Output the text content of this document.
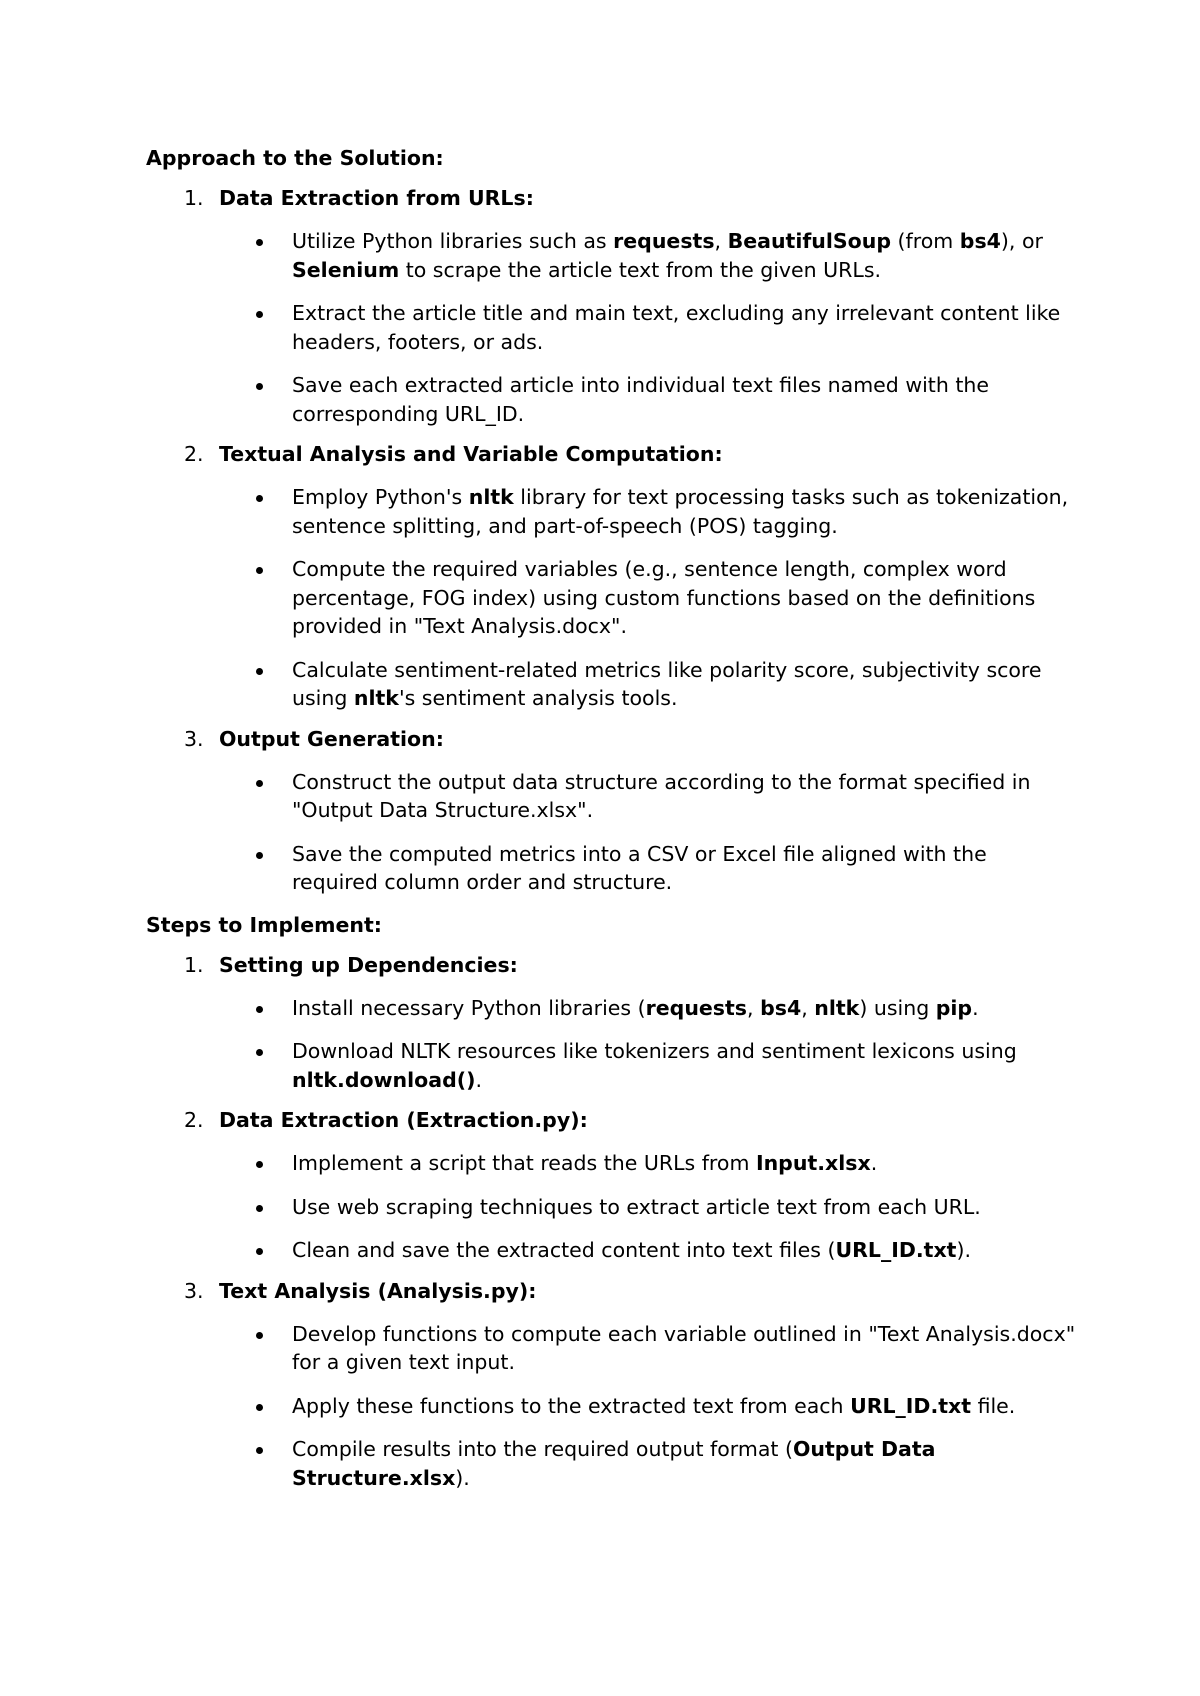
Approach to the Solution:
1. Data Extraction from URLs:
Utilize Python libraries such as requests, BeautifulSoup (from bs4), or Selenium to scrape the article text from the given URLs.
Extract the article title and main text, excluding any irrelevant content like headers, footers, or ads.
Save each extracted article into individual text files named with the corresponding URL_ID.
2. Textual Analysis and Variable Computation:
Employ Python's nltk library for text processing tasks such as tokenization, sentence splitting, and part-of-speech (POS) tagging.
Compute the required variables (e.g., sentence length, complex word percentage, FOG index) using custom functions based on the definitions provided in "Text Analysis.docx".
Calculate sentiment-related metrics like polarity score, subjectivity score using nltk's sentiment analysis tools.
3. Output Generation:
Construct the output data structure according to the format specified in "Output Data Structure.xlsx".
Save the computed metrics into a CSV or Excel file aligned with the required column order and structure.
Steps to Implement:
1. Setting up Dependencies:
Install necessary Python libraries (requests, bs4, nltk) using pip.
Download NLTK resources like tokenizers and sentiment lexicons using nltk.download().
2. Data Extraction (Extraction.py):
Implement a script that reads the URLs from Input.xlsx.
Use web scraping techniques to extract article text from each URL.
Clean and save the extracted content into text files (URL_ID.txt).
3. Text Analysis (Analysis.py):
Develop functions to compute each variable outlined in "Text Analysis.docx" for a given text input.
Apply these functions to the extracted text from each URL_ID.txt file.
Compile results into the required output format (Output Data Structure.xlsx).
